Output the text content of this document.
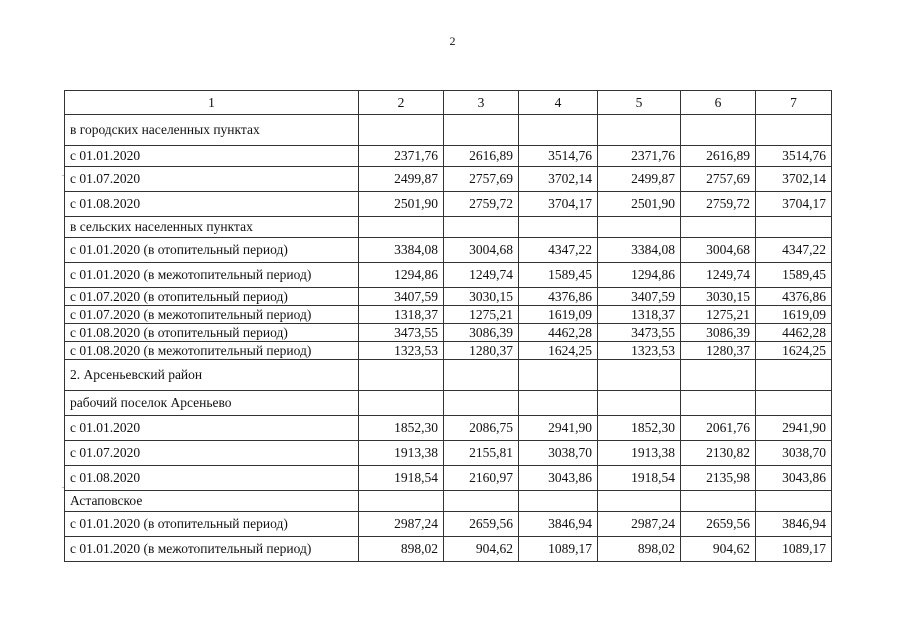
2
1	2	3	4	5	6	7
в городских населенных пунктах						
с 01.01.2020	2371,76	2616,89	3514,76	2371,76	2616,89	3514,76
с 01.07.2020	2499,87	2757,69	3702,14	2499,87	2757,69	3702,14
с 01.08.2020	2501,90	2759,72	3704,17	2501,90	2759,72	3704,17
в сельских населенных пунктах						
с 01.01.2020 (в отопительный период)	3384,08	3004,68	4347,22	3384,08	3004,68	4347,22
с 01.01.2020 (в межотопительный период)	1294,86	1249,74	1589,45	1294,86	1249,74	1589,45
с 01.07.2020 (в отопительный период)	3407,59	3030,15	4376,86	3407,59	3030,15	4376,86
с 01.07.2020 (в межотопительный период)	1318,37	1275,21	1619,09	1318,37	1275,21	1619,09
с 01.08.2020 (в отопительный период)	3473,55	3086,39	4462,28	3473,55	3086,39	4462,28
с 01.08.2020 (в межотопительный период)	1323,53	1280,37	1624,25	1323,53	1280,37	1624,25
2. Арсеньевский район						
рабочий поселок Арсеньево						
с 01.01.2020	1852,30	2086,75	2941,90	1852,30	2061,76	2941,90
с 01.07.2020	1913,38	2155,81	3038,70	1913,38	2130,82	3038,70
с 01.08.2020	1918,54	2160,97	3043,86	1918,54	2135,98	3043,86
Астаповское						
с 01.01.2020 (в отопительный период)	2987,24	2659,56	3846,94	2987,24	2659,56	3846,94
с 01.01.2020 (в межотопительный период)	898,02	904,62	1089,17	898,02	904,62	1089,17
